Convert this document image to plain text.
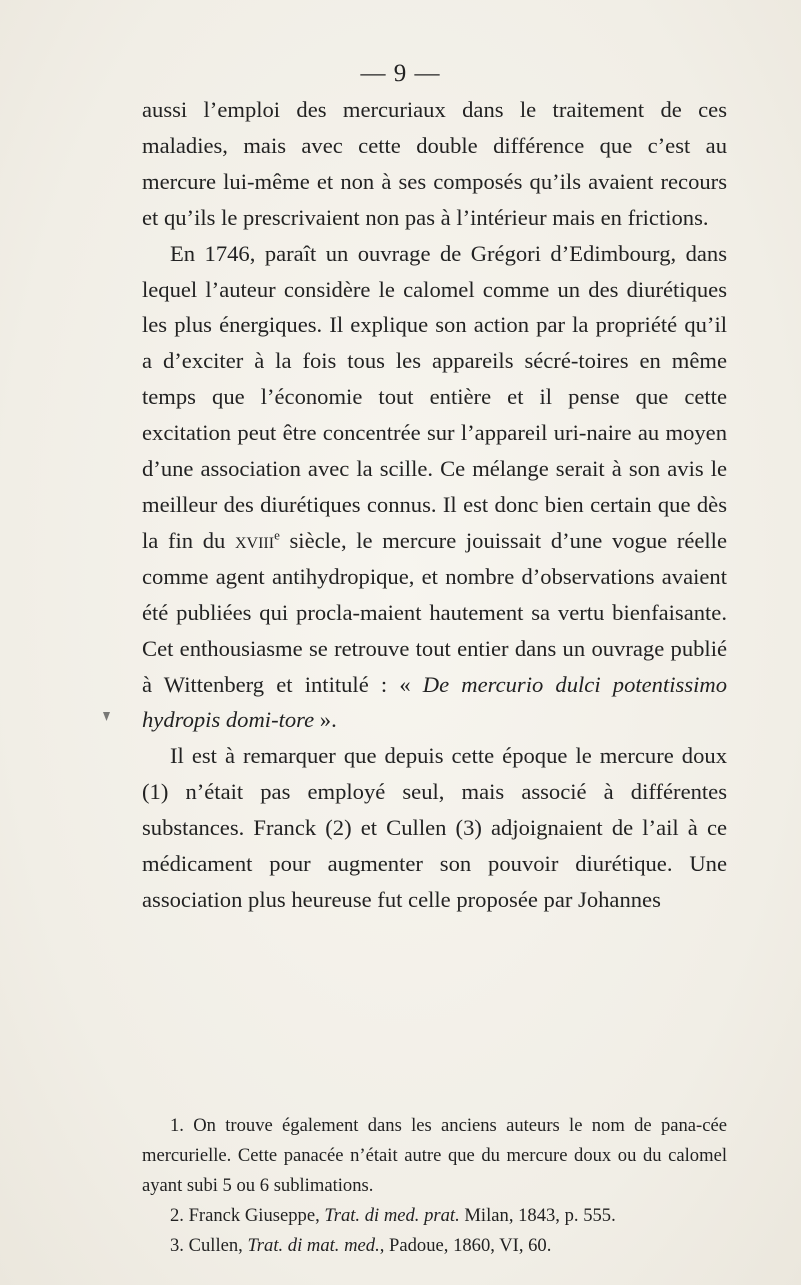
— 9 —

aussi l’emploi des mercuriaux dans le traitement de ces maladies, mais avec cette double différence que c’est au mercure lui-même et non à ses composés qu’ils avaient recours et qu’ils le prescrivaient non pas à l’intérieur mais en frictions.

En 1746, paraît un ouvrage de Grégori d’Edimbourg, dans lequel l’auteur considère le calomel comme un des diurétiques les plus énergiques. Il explique son action par la propriété qu’il a d’exciter à la fois tous les appareils sécré-toires en même temps que l’économie tout entière et il pense que cette excitation peut être concentrée sur l’appareil uri-naire au moyen d’une association avec la scille. Ce mélange serait à son avis le meilleur des diurétiques connus. Il est donc bien certain que dès la fin du xviii$^e$ siècle, le mercure jouissait d’une vogue réelle comme agent antihydropique, et nombre d’observations avaient été publiées qui procla-maient hautement sa vertu bienfaisante. Cet enthousiasme se retrouve tout entier dans un ouvrage publié à Wittenberg et intitulé : « De mercurio dulci potentissimo hydropis domi-tore ».

Il est à remarquer que depuis cette époque le mercure doux (1) n’était pas employé seul, mais associé à différentes substances. Franck (2) et Cullen (3) adjoignaient de l’ail à ce médicament pour augmenter son pouvoir diurétique. Une association plus heureuse fut celle proposée par Johannes

1. On trouve également dans les anciens auteurs le nom de pana-cée mercurielle. Cette panacée n’était autre que du mercure doux ou du calomel ayant subi 5 ou 6 sublimations.

2. Franck Giuseppe, Trat. di med. prat. Milan, 1843, p. 555.

3. Cullen, Trat. di mat. med., Padoue, 1860, VI, 60.
